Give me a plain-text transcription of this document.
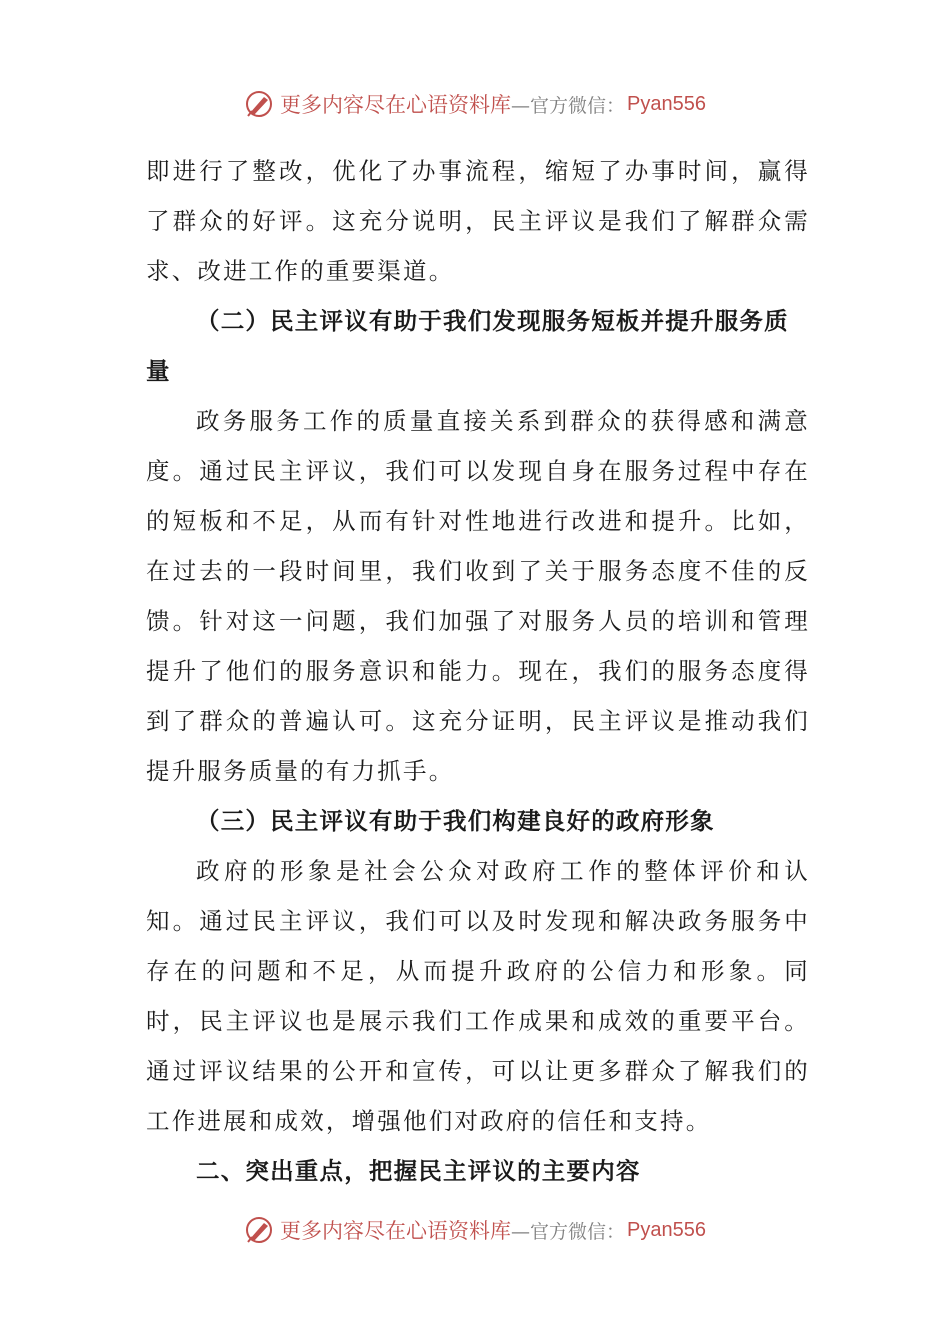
更多内容尽在心语资料库 —官方微信： Pyan556

即进行了整改，优化了办事流程，缩短了办事时间，赢得了群众的好评。这充分说明，民主评议是我们了解群众需求、改进工作的重要渠道。

（二）民主评议有助于我们发现服务短板并提升服务质量

政务服务工作的质量直接关系到群众的获得感和满意度。通过民主评议，我们可以发现自身在服务过程中存在的短板和不足，从而有针对性地进行改进和提升。比如，在过去的一段时间里，我们收到了关于服务态度不佳的反馈。针对这一问题，我们加强了对服务人员的培训和管理提升了他们的服务意识和能力。现在，我们的服务态度得到了群众的普遍认可。这充分证明，民主评议是推动我们提升服务质量的有力抓手。

（三）民主评议有助于我们构建良好的政府形象

政府的形象是社会公众对政府工作的整体评价和认知。通过民主评议，我们可以及时发现和解决政务服务中存在的问题和不足，从而提升政府的公信力和形象。同时，民主评议也是展示我们工作成果和成效的重要平台。通过评议结果的公开和宣传，可以让更多群众了解我们的工作进展和成效，增强他们对政府的信任和支持。

二、突出重点，把握民主评议的主要内容

更多内容尽在心语资料库 —官方微信： Pyan556
